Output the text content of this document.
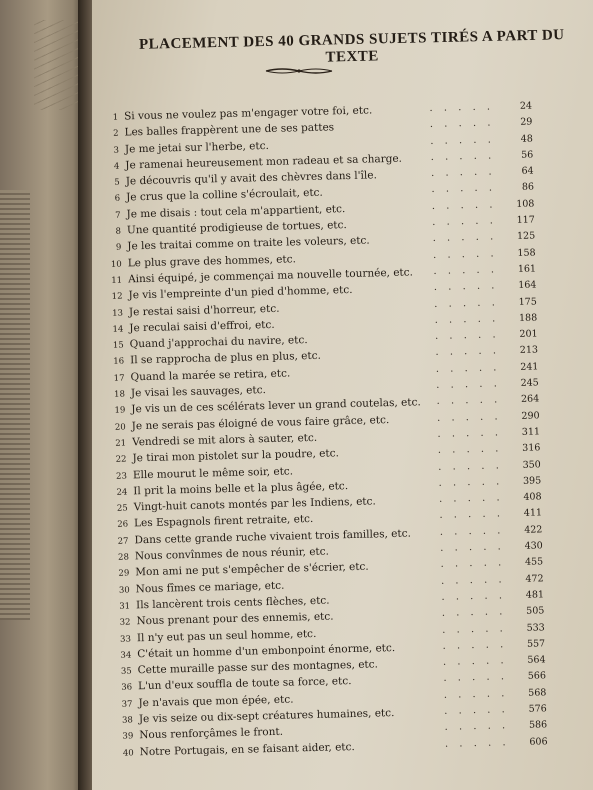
PLACEMENT DES 40 GRANDS SUJETS TIRÉS A PART DU TEXTE
1 Si vous ne voulez pas m'engager votre foi, etc.	. . . . .	24
2 Les balles frappèrent une de ses pattes	. . . . .	29
3 Je me jetai sur l'herbe, etc.	. . . . .	48
4 Je ramenai heureusement mon radeau et sa charge.	. . . . .	56
5 Je découvris qu'il y avait des chèvres dans l'île.	. . . . .	64
6 Je crus que la colline s'écroulait, etc.	. . . . .	86
7 Je me disais : tout cela m'appartient, etc.	. . . . .	108
8 Une quantité prodigieuse de tortues, etc.	. . . . .	117
9 Je les traitai comme on traite les voleurs, etc.	. . . . .	125
10 Le plus grave des hommes, etc.	. . . . .	158
11 Ainsi équipé, je commençai ma nouvelle tournée, etc. . . . . .	161
12 Je vis l'empreinte d'un pied d'homme, etc.	. . . . .	164
13 Je restai saisi d'horreur, etc.	. . . . .	175
14 Je reculai saisi d'effroi, etc.	. . . . .	188
15 Quand j'approchai du navire, etc.	. . . . .	201
16 Il se rapprocha de plus en plus, etc.	. . . . .	213
17 Quand la marée se retira, etc.	. . . . .	241
18 Je visai les sauvages, etc.	. . . . .	245
19 Je vis un de ces scélérats lever un grand coutelas, etc. . . . . .	264
20 Je ne serais pas éloigné de vous faire grâce, etc.	. . . . .	290
21 Vendredi se mit alors à sauter, etc.	. . . . .	311
22 Je tirai mon pistolet sur la poudre, etc.	. . . . .	316
23 Elle mourut le même soir, etc.	. . . . .	350
24 Il prit la moins belle et la plus âgée, etc.	. . . . .	395
25 Vingt-huit canots montés par les Indiens, etc.	. . . . .	408
26 Les Espagnols firent retraite, etc.	. . . . .	411
27 Dans cette grande ruche vivaient trois familles, etc.	. . . . .	422
28 Nous convînmes de nous réunir, etc.	. . . . .	430
29 Mon ami ne put s'empêcher de s'écrier, etc.	. . . . .	455
30 Nous fîmes ce mariage, etc.	. . . . .	472
31 Ils lancèrent trois cents flèches, etc.	. . . . .	481
32 Nous prenant pour des ennemis, etc.	. . . . .	505
33 Il n'y eut pas un seul homme, etc.	. . . . .	533
34 C'était un homme d'un embonpoint énorme, etc.	. . . . .	557
35 Cette muraille passe sur des montagnes, etc.	. . . . .	564
36 L'un d'eux souffla de toute sa force, etc.	. . . . .	566
37 Je n'avais que mon épée, etc.	. . . . .	568
38 Je vis seize ou dix-sept créatures humaines, etc.	. . . . .	576
39 Nous renforçâmes le front.	. . . . .	586
40 Notre Portugais, en se faisant aider, etc.	. . . . .	606
